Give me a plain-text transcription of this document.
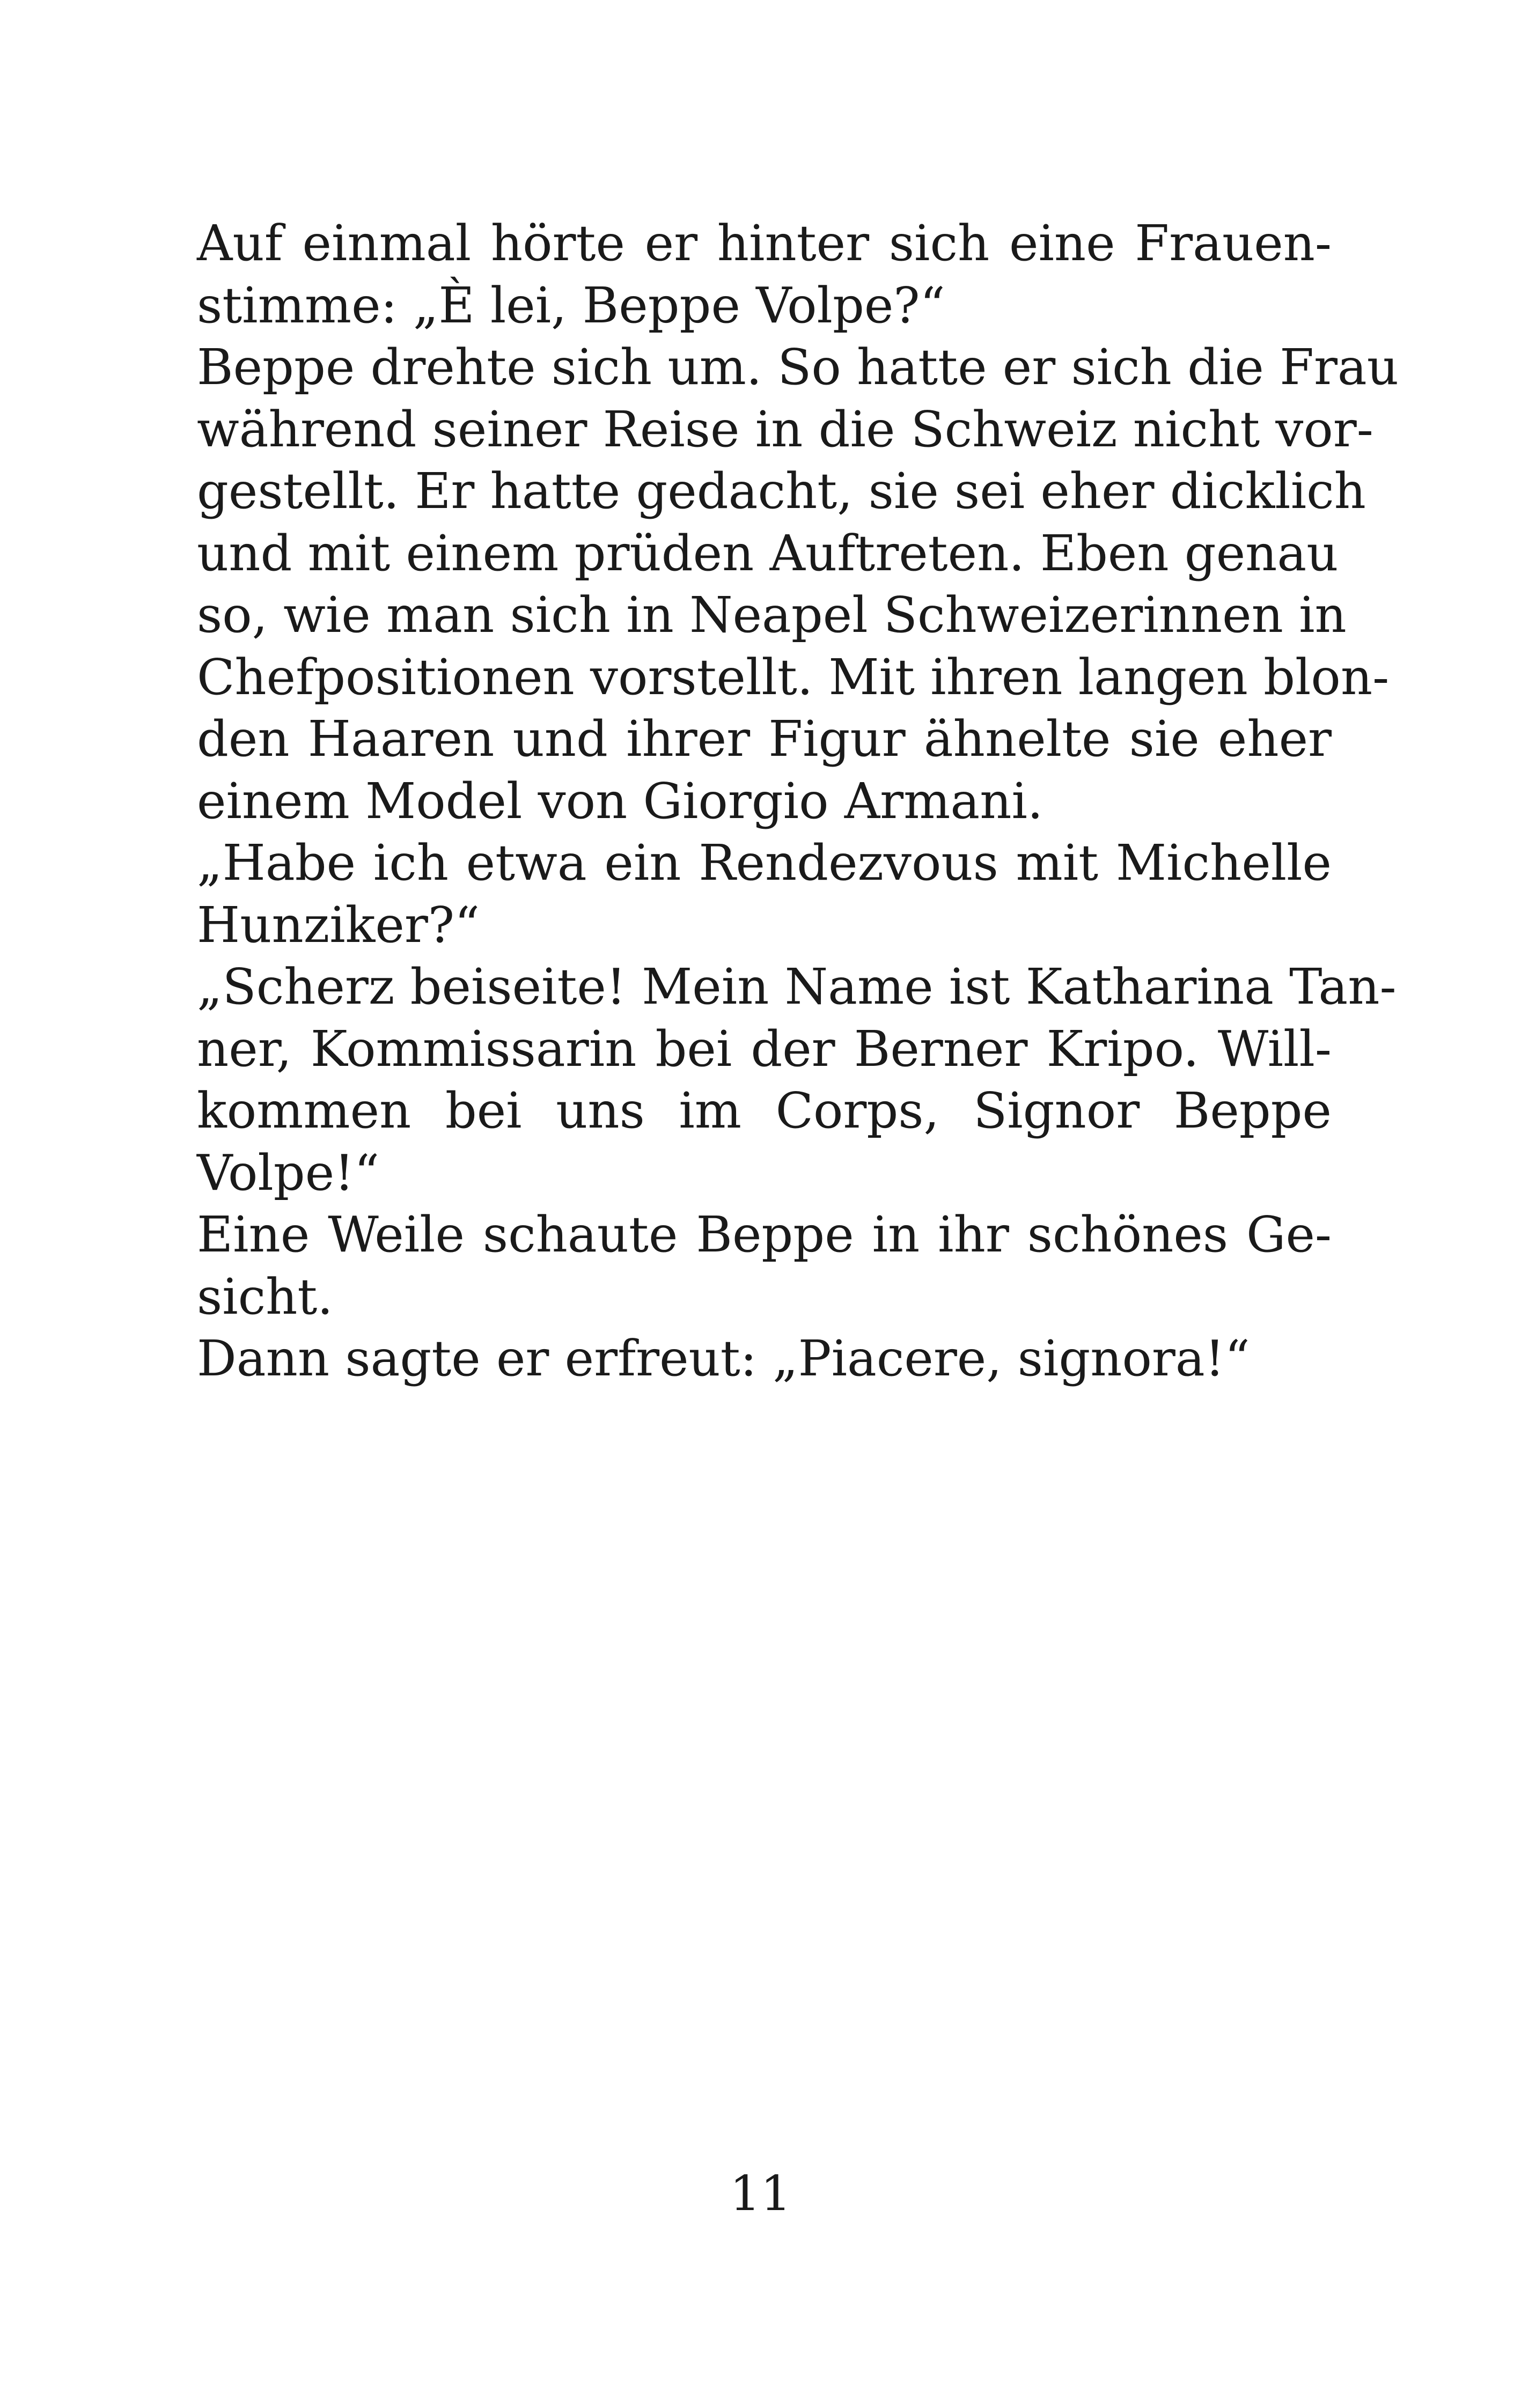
Auf einmal hörte er hinter sich eine Frauen-
stimme: „È lei, Beppe Volpe?“
Beppe drehte sich um. So hatte er sich die Frau
während seiner Reise in die Schweiz nicht vor-
gestellt. Er hatte gedacht, sie sei eher dicklich
und mit einem prüden Auftreten. Eben genau
so, wie man sich in Neapel Schweizerinnen in
Chefpositionen vorstellt. Mit ihren langen blon-
den Haaren und ihrer Figur ähnelte sie eher
einem Model von Giorgio Armani.
„Habe ich etwa ein Rendezvous mit Michelle
Hunziker?“
„Scherz beiseite! Mein Name ist Katharina Tan-
ner, Kommissarin bei der Berner Kripo. Will-
kommen bei uns im Corps, Signor Beppe
Volpe!“
Eine Weile schaute Beppe in ihr schönes Ge-
sicht.
Dann sagte er erfreut: „Piacere, signora!“
11
